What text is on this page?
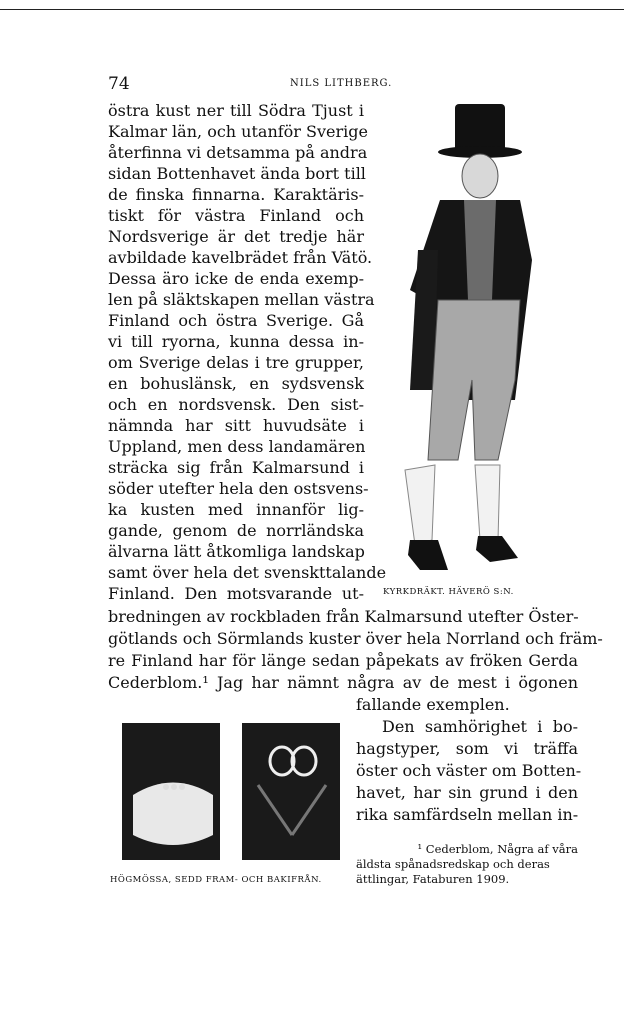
74	NILS LITHBERG.
östra kust ner till Södra Tjust i
Kalmar län, och utanför Sverige
återfinna vi detsamma på andra
sidan Bottenhavet ända bort till
de finska finnarna. Karaktäris-
tiskt för västra Finland och
Nordsverige är det tredje här
avbildade kavelbrädet från Vätö.
Dessa äro icke de enda exemp-
len på släktskapen mellan västra
Finland och östra Sverige. Gå
vi till ryorna, kunna dessa in-
om Sverige delas i tre grupper,
en bohuslänsk, en sydsvensk
och en nordsvensk. Den sist-
nämnda har sitt huvudsäte i
Uppland, men dess landamären
sträcka sig från Kalmarsund i
söder utefter hela den ostsvens-
ka kusten med innanför lig-
gande, genom de norrländska
älvarna lätt åtkomliga landskap
samt över hela det svenskttalande
Finland. Den motsvarande ut-
bredningen av rockbladen från Kalmarsund utefter Öster-
götlands och Sörmlands kuster över hela Norrland och främ-
re Finland har för länge sedan påpekats av fröken Gerda
Cederblom.¹ Jag har nämnt några av de mest i ögonen
fallande exemplen.
Den samhörighet i bo-
hagstyper, som vi träffa
öster och väster om Botten-
havet, har sin grund i den
rika samfärdseln mellan in-
KYRKDRÄKT. HÄVERÖ S:N.
HÖGMÖSSA, SEDD FRAM- OCH BAKIFRÅN.
¹ Cederblom, Några af våra
äldsta spånadsredskap och deras
ättlingar, Fataburen 1909.
